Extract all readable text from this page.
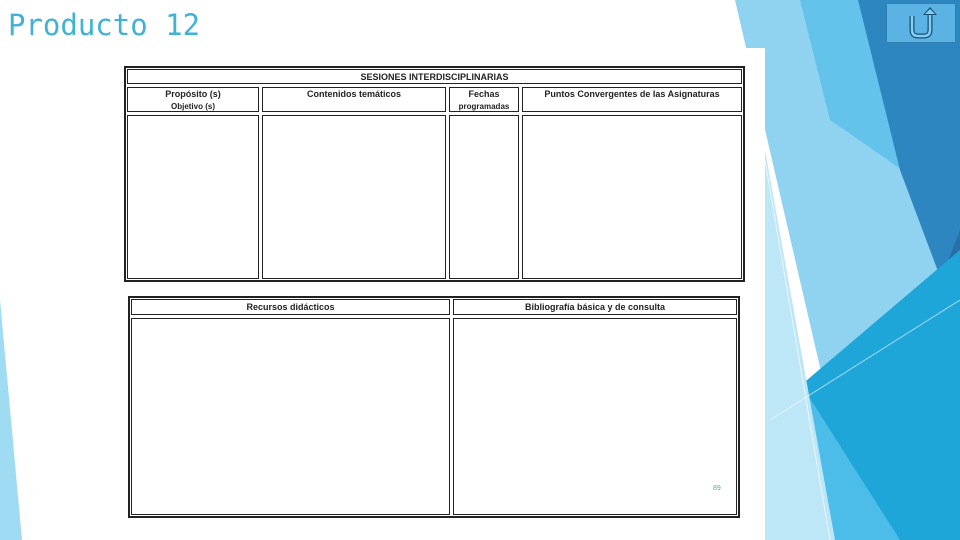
Producto 12
SESIONES INTERDISCIPLINARIAS
Propósito (s)
Objetivo (s)
Contenidos temáticos	Fechas
programadas
Puntos Convergentes de las Asignaturas
Recursos didácticos	Bibliografía básica y de consulta
89
